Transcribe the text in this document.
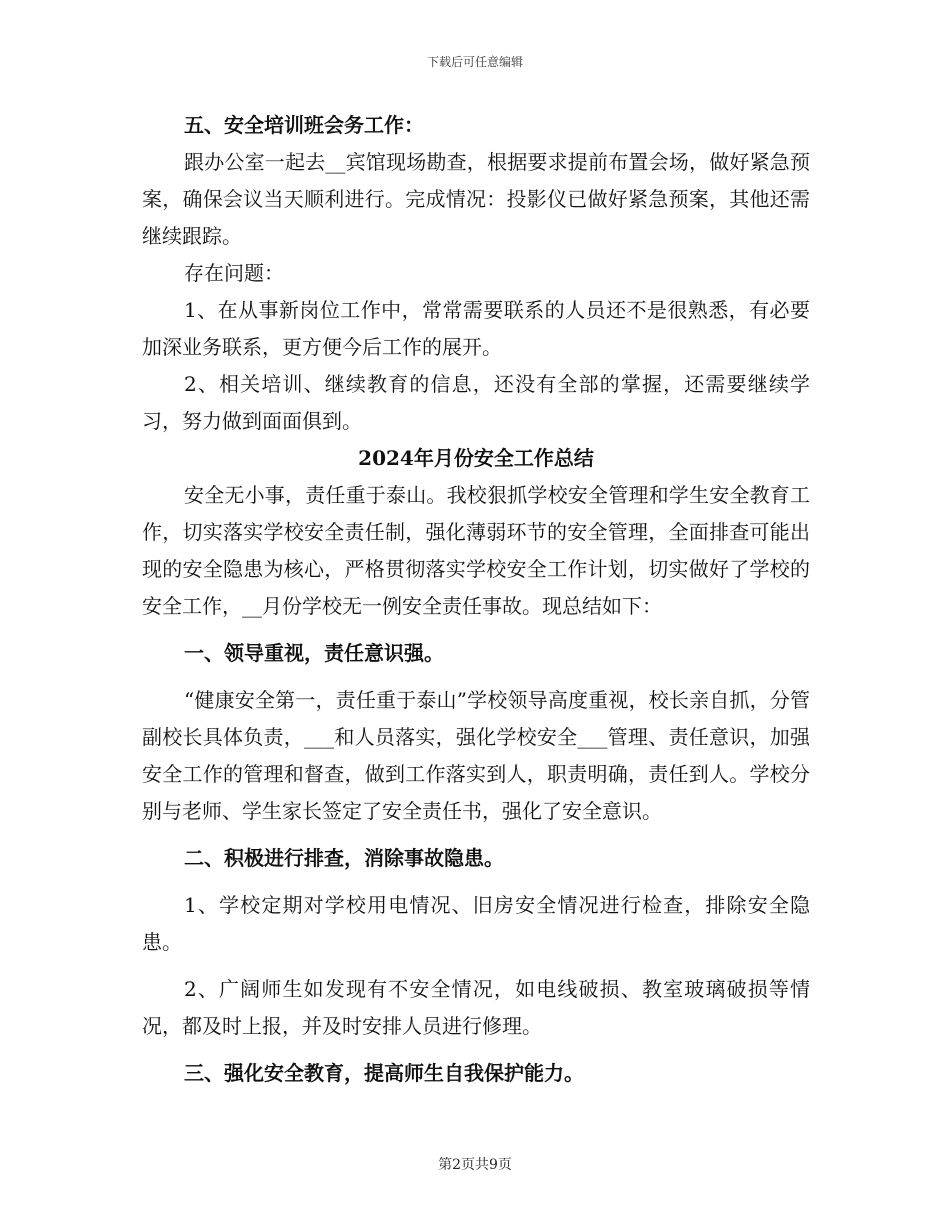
下载后可任意编辑

五、安全培训班会务工作：

跟办公室一起去__宾馆现场勘查，根据要求提前布置会场，做好紧急预案，确保会议当天顺利进行。完成情况：投影仪已做好紧急预案，其他还需继续跟踪。

存在问题：

1、在从事新岗位工作中，常常需要联系的人员还不是很熟悉，有必要加深业务联系，更方便今后工作的展开。

2、相关培训、继续教育的信息，还没有全部的掌握，还需要继续学习，努力做到面面俱到。

2024年月份安全工作总结

安全无小事，责任重于泰山。我校狠抓学校安全管理和学生安全教育工作，切实落实学校安全责任制，强化薄弱环节的安全管理，全面排查可能出现的安全隐患为核心，严格贯彻落实学校安全工作计划，切实做好了学校的安全工作，__月份学校无一例安全责任事故。现总结如下：

一、领导重视，责任意识强。

“健康安全第一，责任重于泰山”学校领导高度重视，校长亲自抓，分管副校长具体负责，___和人员落实，强化学校安全___管理、责任意识，加强安全工作的管理和督查，做到工作落实到人，职责明确，责任到人。学校分别与老师、学生家长签定了安全责任书，强化了安全意识。

二、积极进行排查，消除事故隐患。

1、学校定期对学校用电情况、旧房安全情况进行检查，排除安全隐患。

2、广阔师生如发现有不安全情况，如电线破损、教室玻璃破损等情况，都及时上报，并及时安排人员进行修理。

三、强化安全教育，提高师生自我保护能力。

第2页共9页
